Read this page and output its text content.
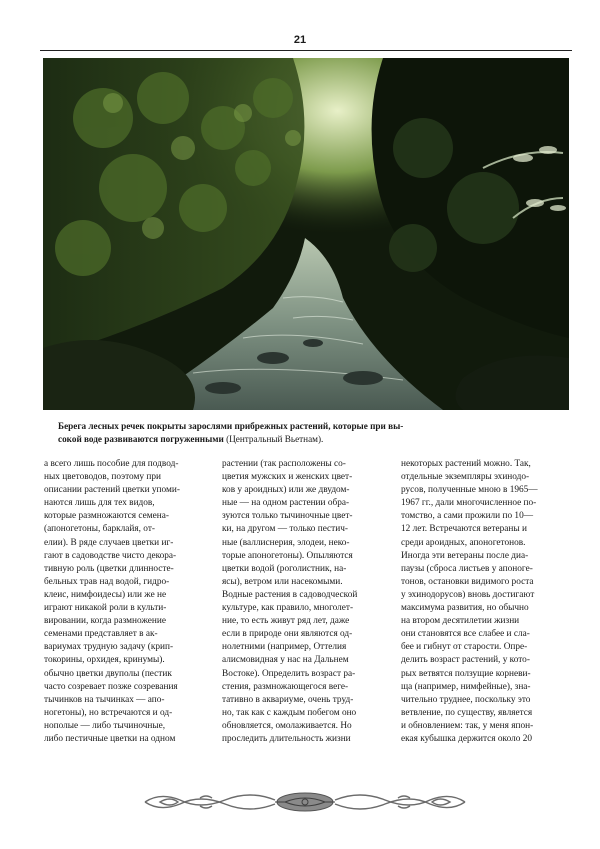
21
Берега лесных речек покрыты зарослями прибрежных растений, которые при вы-
сокой воде развиваются погруженными (Центральный Вьетнам).
а всего лишь пособие для подвод-
ных цветоводов, поэтому при
описании растений цветки упоми-
наются лишь для тех видов,
которые размножаются семена-
(апоногетоны, барклайя, от-
елии). В ряде случаев цветки иг-
гают в садоводстве чисто декора-
тивную роль (цветки длинносте-
бельных трав над водой, гидро-
клеис, нимфоидесы) или же не
играют никакой роли в культи-
вировании, когда размножение
семенами представляет в ак-
вариумах трудную задачу (крип-
токорины, орхидея, кринумы).
обычно цветки двуполы (пестик
часто созревает позже созревания
тычинков на тычинках — апо-
ногетоны), но встречаются и од-
нополые — либо тычиночные,
либо пестичные цветки на одном
растении (так расположены со-
цветия мужских и женских цвет-
ков у ароидных) или же двудом-
ные — на одном растении обра-
зуются только тычиночные цвет-
ки, на другом — только пестич-
ные (валлиснерия, элодеи, неко-
торые апоногетоны). Опыляются
цветки водой (роголистник, на-
ясы), ветром или насекомыми.
Водные растения в садоводческой
культуре, как правило, многолет-
ние, то есть живут ряд лет, даже
если в природе они являются од-
нолетними (например, Оттелия
алисмовидная у нас на Дальнем
Востоке). Определить возраст ра-
стения, размножающегося веге-
тативно в аквариуме, очень труд-
но, так как с каждым побегом оно
обновляется, омолаживается. Но
проследить длительность жизни
некоторых растений можно. Так,
отдельные экземпляры эхинодо-
русов, полученные мною в 1965—
1967 гг., дали многочисленное по-
томство, а сами прожили по 10—
12 лет. Встречаются ветераны и
среди ароидных, апоногетонов.
Иногда эти ветераны после диа-
паузы (сброса листьев у апоноге-
тонов, остановки видимого роста
у эхинодорусов) вновь достигают
максимума развития, но обычно
на втором десятилетии жизни
они становятся все слабее и сла-
бее и гибнут от старости. Опре-
делить возраст растений, у кото-
рых ветвятся ползущие корневи-
ща (например, нимфейные), зна-
чительно труднее, поскольку это
ветвление, по существу, является
и обновлением: так, у меня япон-
екая кубышка держится около 20
